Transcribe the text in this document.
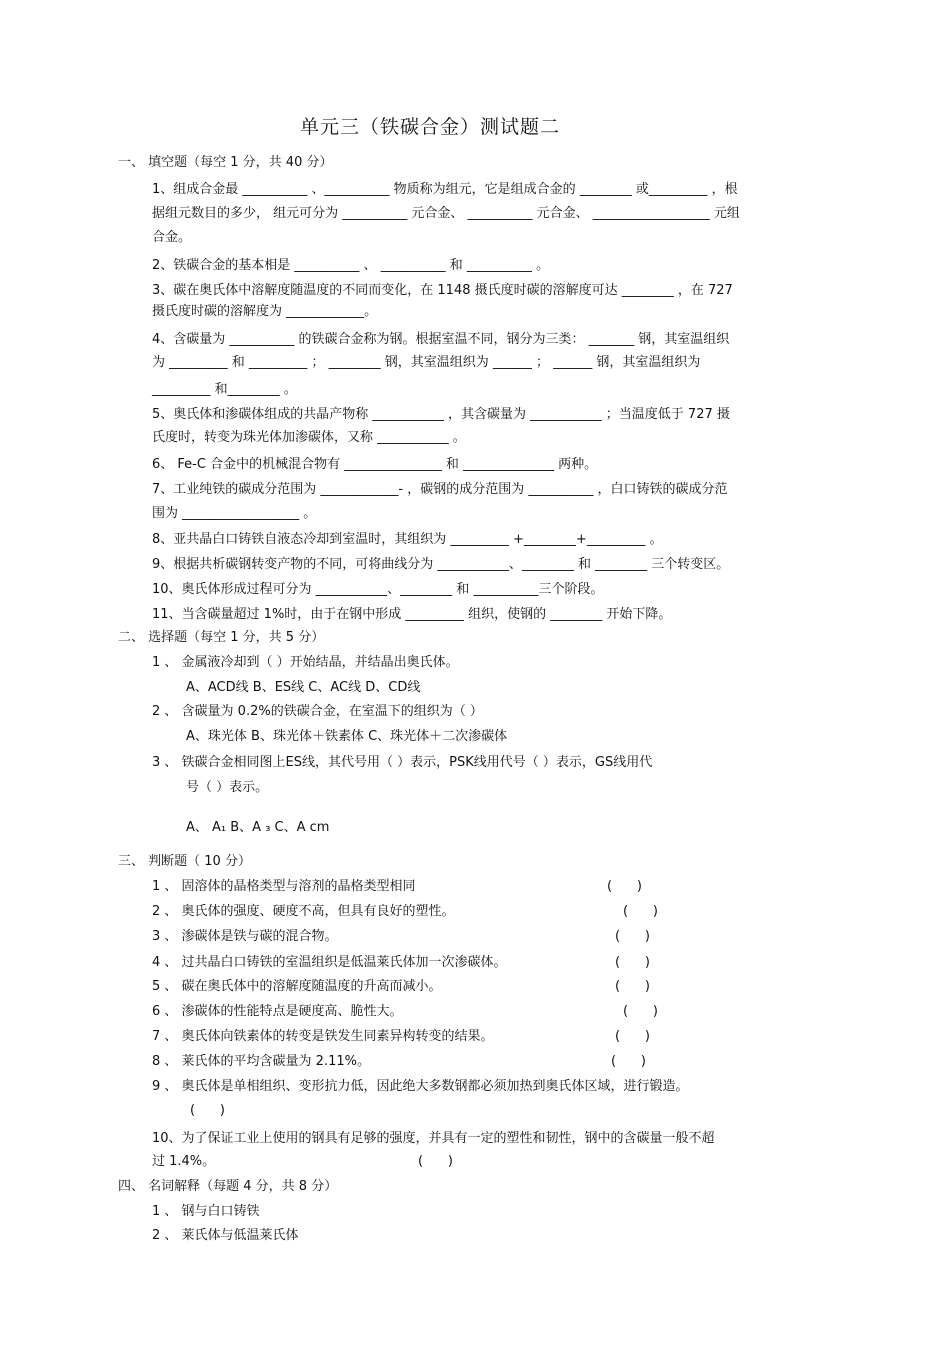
单元三（铁碳合金）测试题二
一、 填空题（每空 1 分，共 40 分）
1、组成合金最 __________ 、__________ 物质称为组元，它是组成合金的 ________ 或_________ ，根
据组元数目的多少， 组元可分为 __________ 元合金、 __________ 元合金、 __________________ 元组
合金。
2、铁碳合金的基本相是 __________ 、 __________ 和 __________ 。
3、碳在奥氏体中溶解度随温度的不同而变化，在 1148 摄氏度时碳的溶解度可达 ________ ，在 727
摄氏度时碳的溶解度为 ____________。
4、含碳量为 __________ 的铁碳合金称为钢。根据室温不同，钢分为三类： _______ 钢，其室温组织
为 _________ 和 _________ ； ________ 钢，其室温组织为 ______ ； ______ 钢，其室温组织为
_________ 和________ 。
5、奥氏体和渗碳体组成的共晶产物称 ___________ ，其含碳量为 ___________ ；当温度低于 727 摄
氏度时，转变为珠光体加渗碳体，又称 ___________ 。
6、 Fe-C 合金中的机械混合物有 _______________ 和 ______________ 两种。
7、工业纯铁的碳成分范围为 ____________- ，碳钢的成分范围为 __________ ，白口铸铁的碳成分范
围为 __________________ 。
8、亚共晶白口铸铁自液态冷却到室温时，其组织为 _________ +________+_________ 。
9、根据共析碳钢转变产物的不同，可将曲线分为 ___________、________ 和 ________ 三个转变区。
10、奥氏体形成过程可分为 ___________、________ 和 __________三个阶段。
11、当含碳量超过 1%时，由于在钢中形成 _________ 组织，使钢的 ________ 开始下降。
二、 选择题（每空 1 分，共 5 分）
1 、 金属液冷却到（ ）开始结晶，并结晶出奥氏体。
A、ACD线 B、ES线 C、AC线 D、CD线
2 、 含碳量为 0.2%的铁碳合金，在室温下的组织为（ ）
A、珠光体 B、珠光体＋铁素体 C、珠光体＋二次渗碳体
3 、 铁碳合金相同图上ES线，其代号用（ ）表示，PSK线用代号（ ）表示，GS线用代
号（ ）表示。
A、 A₁ B、A ₃ C、A cm
三、 判断题（ 10 分）
1 、 固溶体的晶格类型与溶剂的晶格类型相同	(      )
2 、 奥氏体的强度、硬度不高，但具有良好的塑性。	(      )
3 、 渗碳体是铁与碳的混合物。	(      )
4 、 过共晶白口铸铁的室温组织是低温莱氏体加一次渗碳体。	(      )
5 、 碳在奥氏体中的溶解度随温度的升高而减小。	(      )
6 、 渗碳体的性能特点是硬度高、脆性大。	(      )
7 、 奥氏体向铁素体的转变是铁发生同素异构转变的结果。	(      )
8 、 莱氏体的平均含碳量为 2.11%。	(      )
9 、 奥氏体是单相组织、变形抗力低，因此绝大多数钢都必须加热到奥氏体区域，进行锻造。
(      )
10、为了保证工业上使用的钢具有足够的强度，并具有一定的塑性和韧性，钢中的含碳量一般不超
过 1.4%。	(      )
四、 名词解释（每题 4 分，共 8 分）
1 、 钢与白口铸铁
2 、 莱氏体与低温莱氏体
